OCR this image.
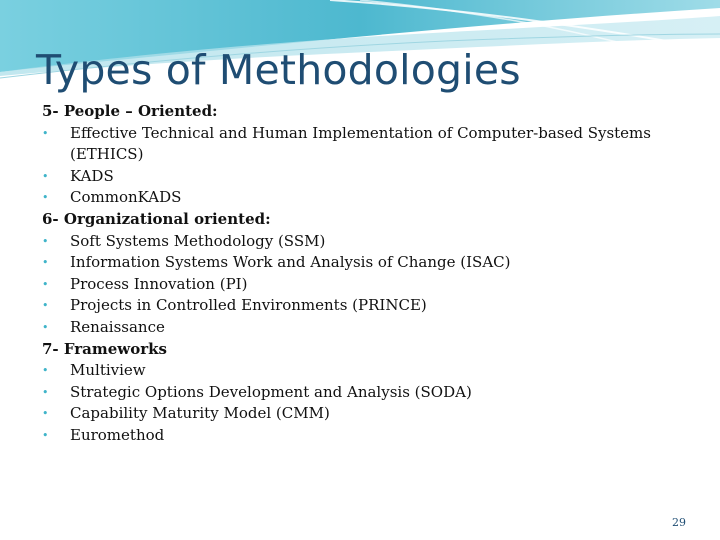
Types of Methodologies
5- People – Oriented:
• Effective Technical and Human Implementation of Computer-based Systems (ETHICS)
• KADS
• CommonKADS
6- Organizational oriented:
• Soft Systems Methodology (SSM)
• Information Systems Work and Analysis of Change (ISAC)
• Process Innovation (PI)
• Projects in Controlled Environments (PRINCE)
• Renaissance
7- Frameworks
• Multiview
• Strategic Options Development and Analysis (SODA)
• Capability Maturity Model (CMM)
• Euromethod
29
